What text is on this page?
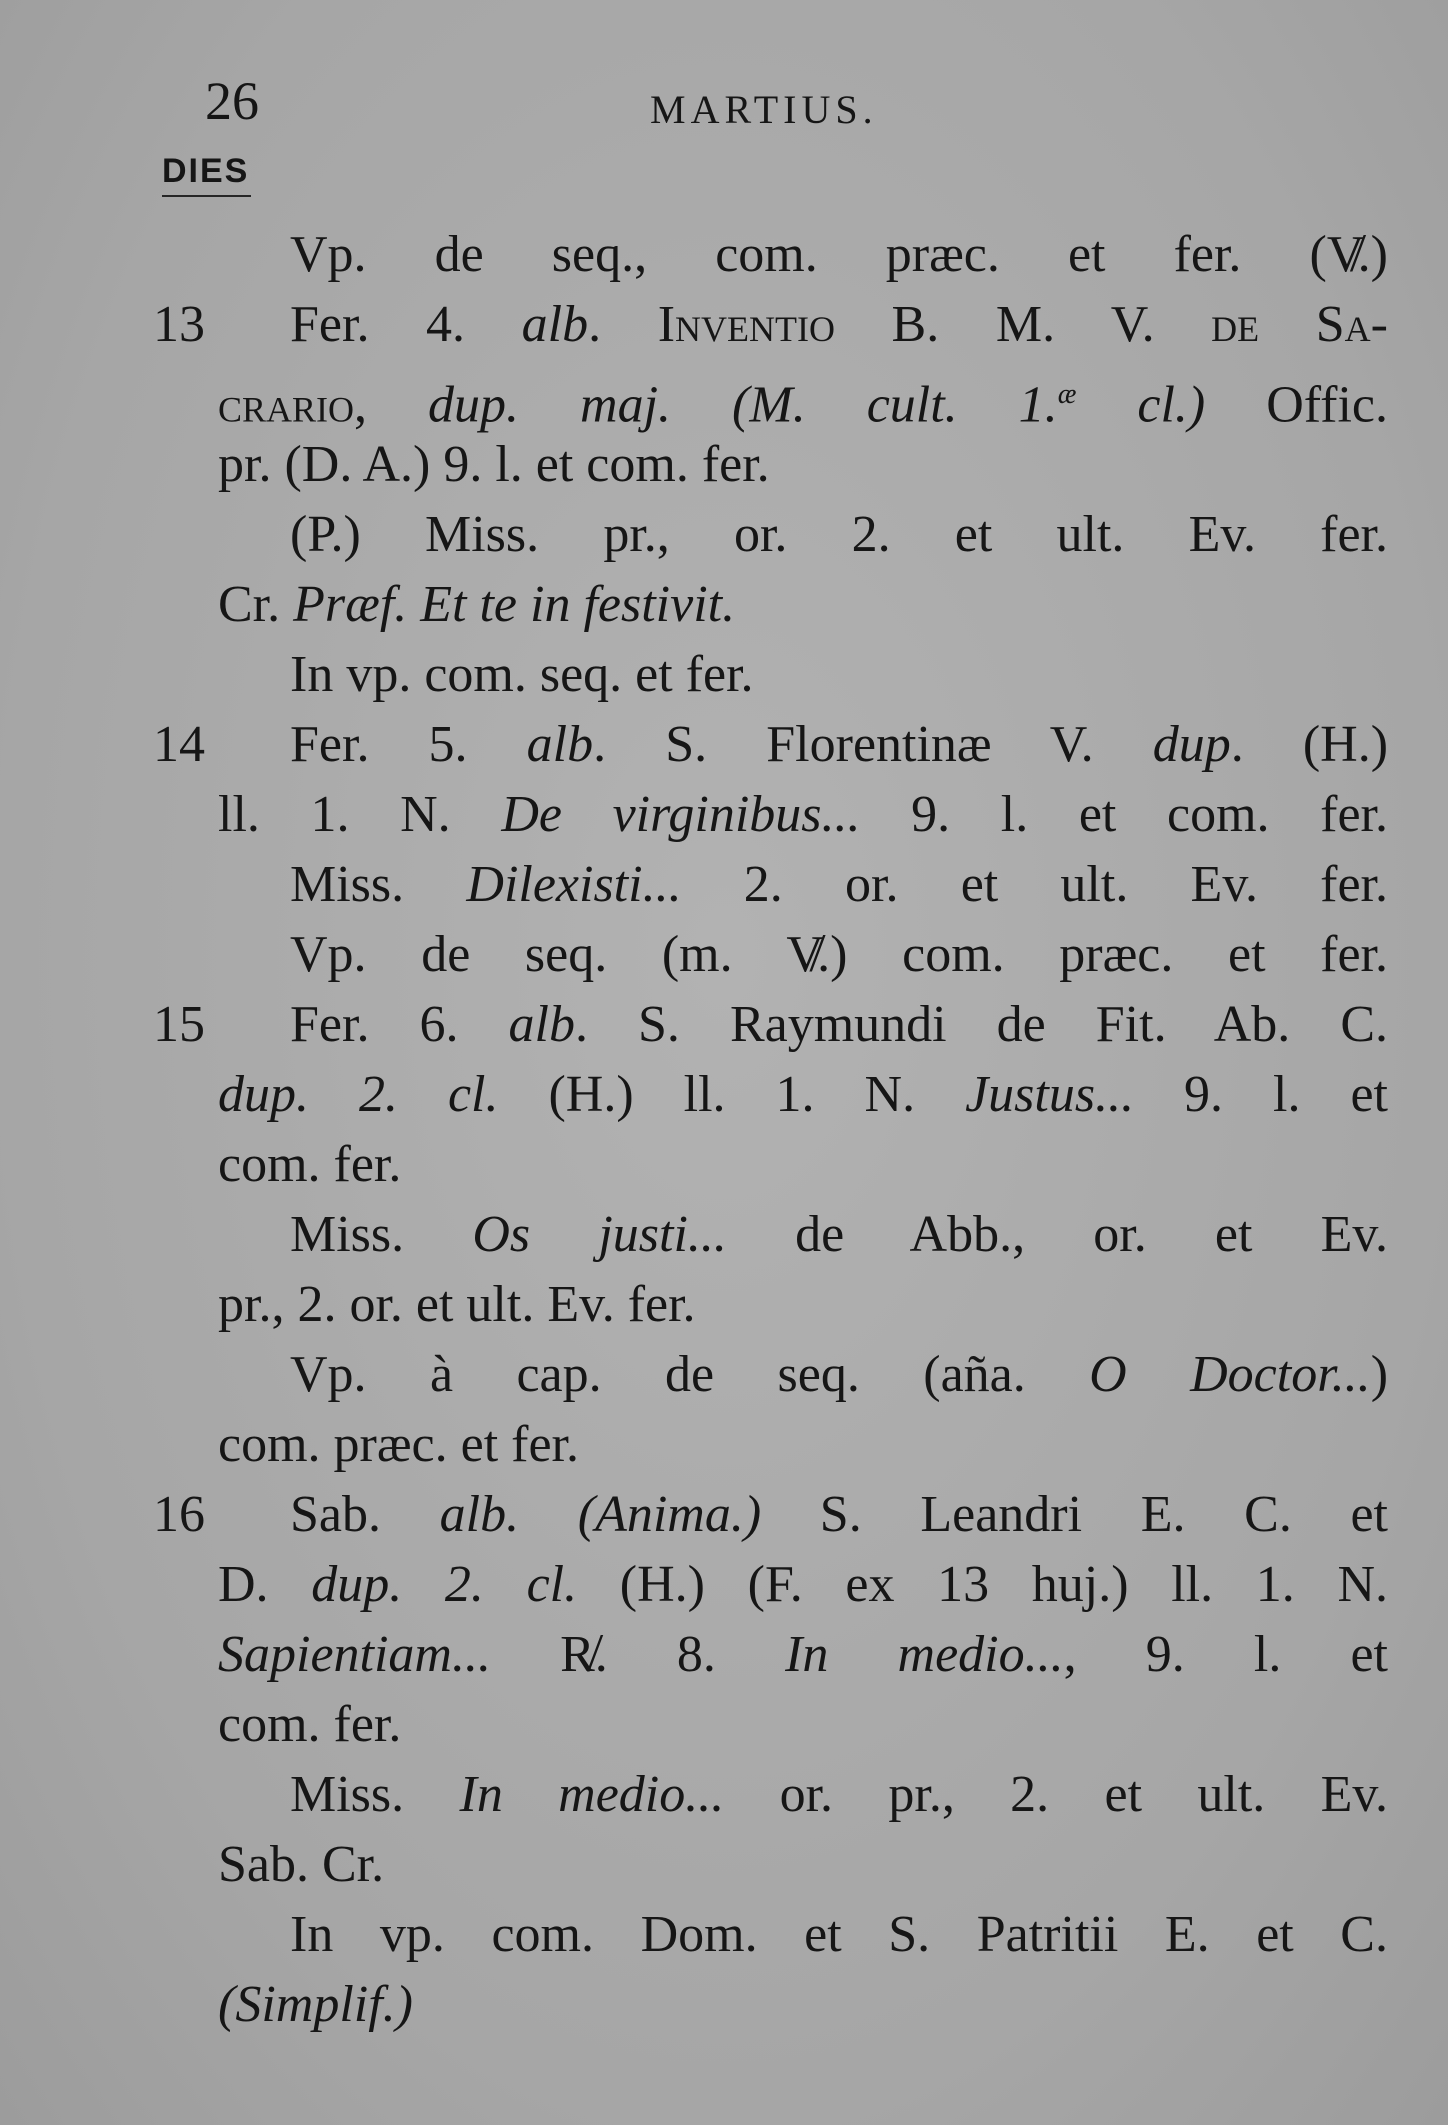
26	MARTIUS.
DIES
Vp. de seq., com. præc. et fer. (V̸.)
13 Fer. 4. alb. Inventio B. M. V. de Sa-
crario, dup. maj. (M. cult. 1.$^æ$ cl.) Offic.
pr. (D. A.) 9. l. et com. fer.
(P.) Miss. pr., or. 2. et ult. Ev. fer.
Cr. Præf. Et te in festivit.
In vp. com. seq. et fer.
14 Fer. 5. alb. S. Florentinæ V. dup. (H.)
ll. 1. N. De virginibus... 9. l. et com. fer.
Miss. Dilexisti... 2. or. et ult. Ev. fer.
Vp. de seq. (m. V̸.) com. præc. et fer.
15 Fer. 6. alb. S. Raymundi de Fit. Ab. C.
dup. 2. cl. (H.) ll. 1. N. Justus... 9. l. et
com. fer.
Miss. Os justi... de Abb., or. et Ev.
pr., 2. or. et ult. Ev. fer.
Vp. à cap. de seq. (aña. O Doctor...)
com. præc. et fer.
16 Sab. alb. (Anima.) S. Leandri E. C. et
D. dup. 2. cl. (H.) (F. ex 13 huj.) ll. 1. N.
Sapientiam... R̸. 8. In medio..., 9. l. et
com. fer.
Miss. In medio... or. pr., 2. et ult. Ev.
Sab. Cr.
In vp. com. Dom. et S. Patritii E. et C.
(Simplif.)
